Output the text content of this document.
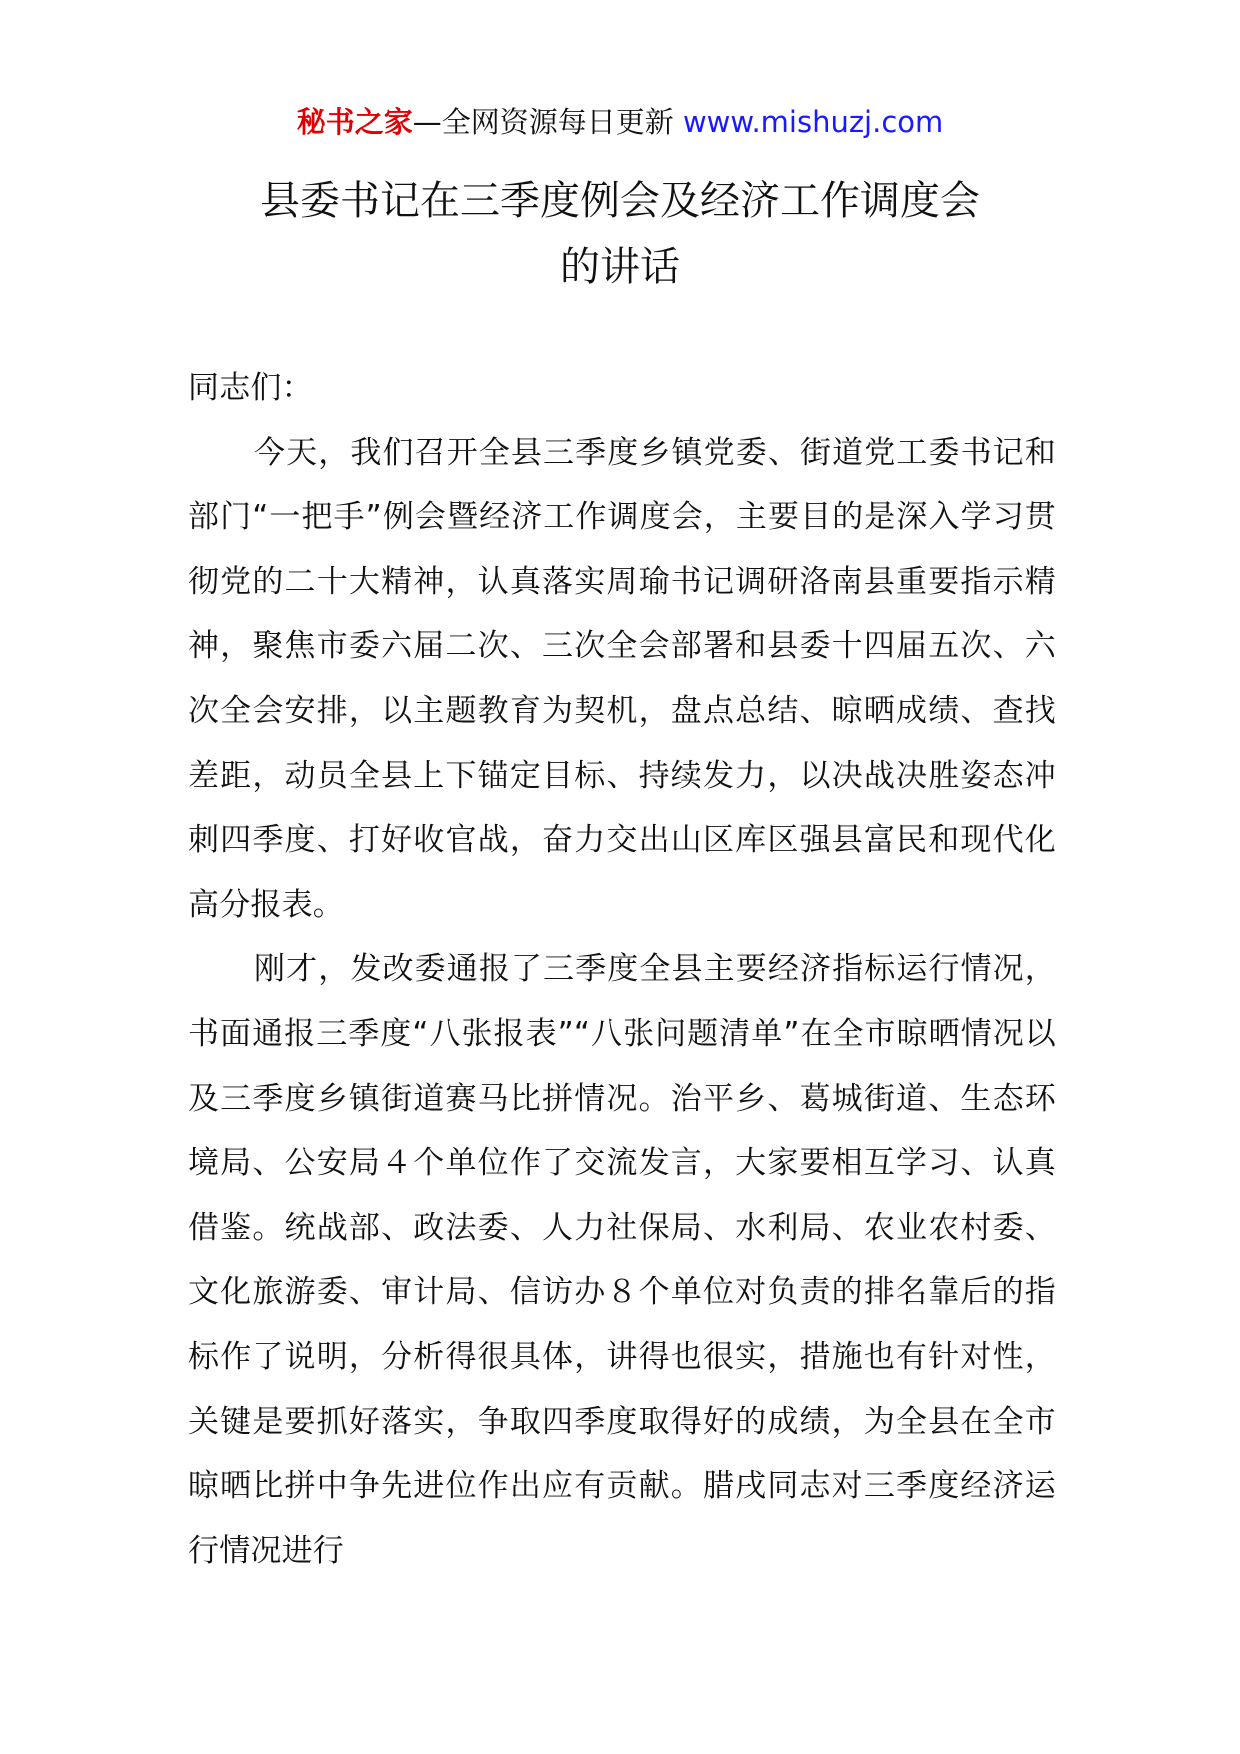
秘书之家—全网资源每日更新 www.mishuzj.com
县委书记在三季度例会及经济工作调度会
的讲话

同志们：

今天，我们召开全县三季度乡镇党委、街道党工委书记和部门“一把手”例会暨经济工作调度会，主要目的是深入学习贯彻党的二十大精神，认真落实周瑜书记调研洛南县重要指示精神，聚焦市委六届二次、三次全会部署和县委十四届五次、六次全会安排，以主题教育为契机，盘点总结、晾晒成绩、查找差距，动员全县上下锚定目标、持续发力，以决战决胜姿态冲刺四季度、打好收官战，奋力交出山区库区强县富民和现代化高分报表。

刚才，发改委通报了三季度全县主要经济指标运行情况，书面通报三季度“八张报表”“八张问题清单”在全市晾晒情况以及三季度乡镇街道赛马比拼情况。治平乡、葛城街道、生态环境局、公安局４个单位作了交流发言，大家要相互学习、认真借鉴。统战部、政法委、人力社保局、水利局、农业农村委、文化旅游委、审计局、信访办８个单位对负责的排名靠后的指标作了说明，分析得很具体，讲得也很实，措施也有针对性，关键是要抓好落实，争取四季度取得好的成绩，为全县在全市晾晒比拼中争先进位作出应有贡献。腊戌同志对三季度经济运行情况进行
